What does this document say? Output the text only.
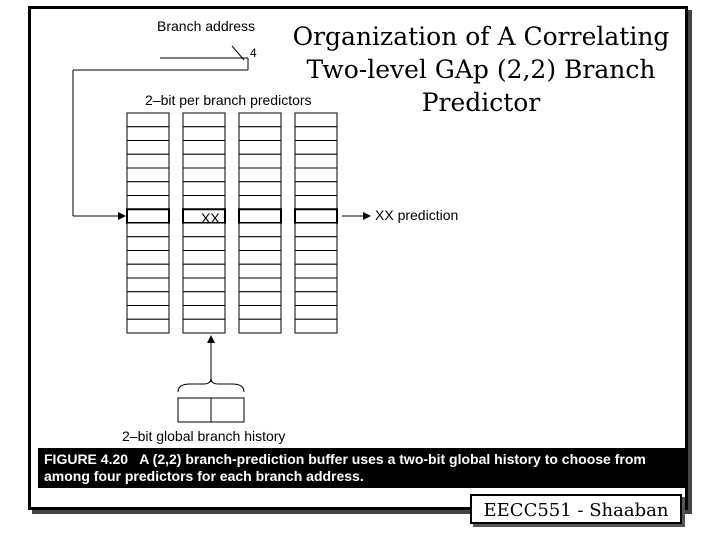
Organization of A Correlating
Two-level GAp (2,2) Branch
Predictor
Branch address
4
2–bit per branch predictors
XX	XX prediction
2–bit global branch history
FIGURE 4.20 A (2,2) branch-prediction buffer uses a two-bit global history to choose from among four predictors for each branch address.
EECC551 - Shaaban
